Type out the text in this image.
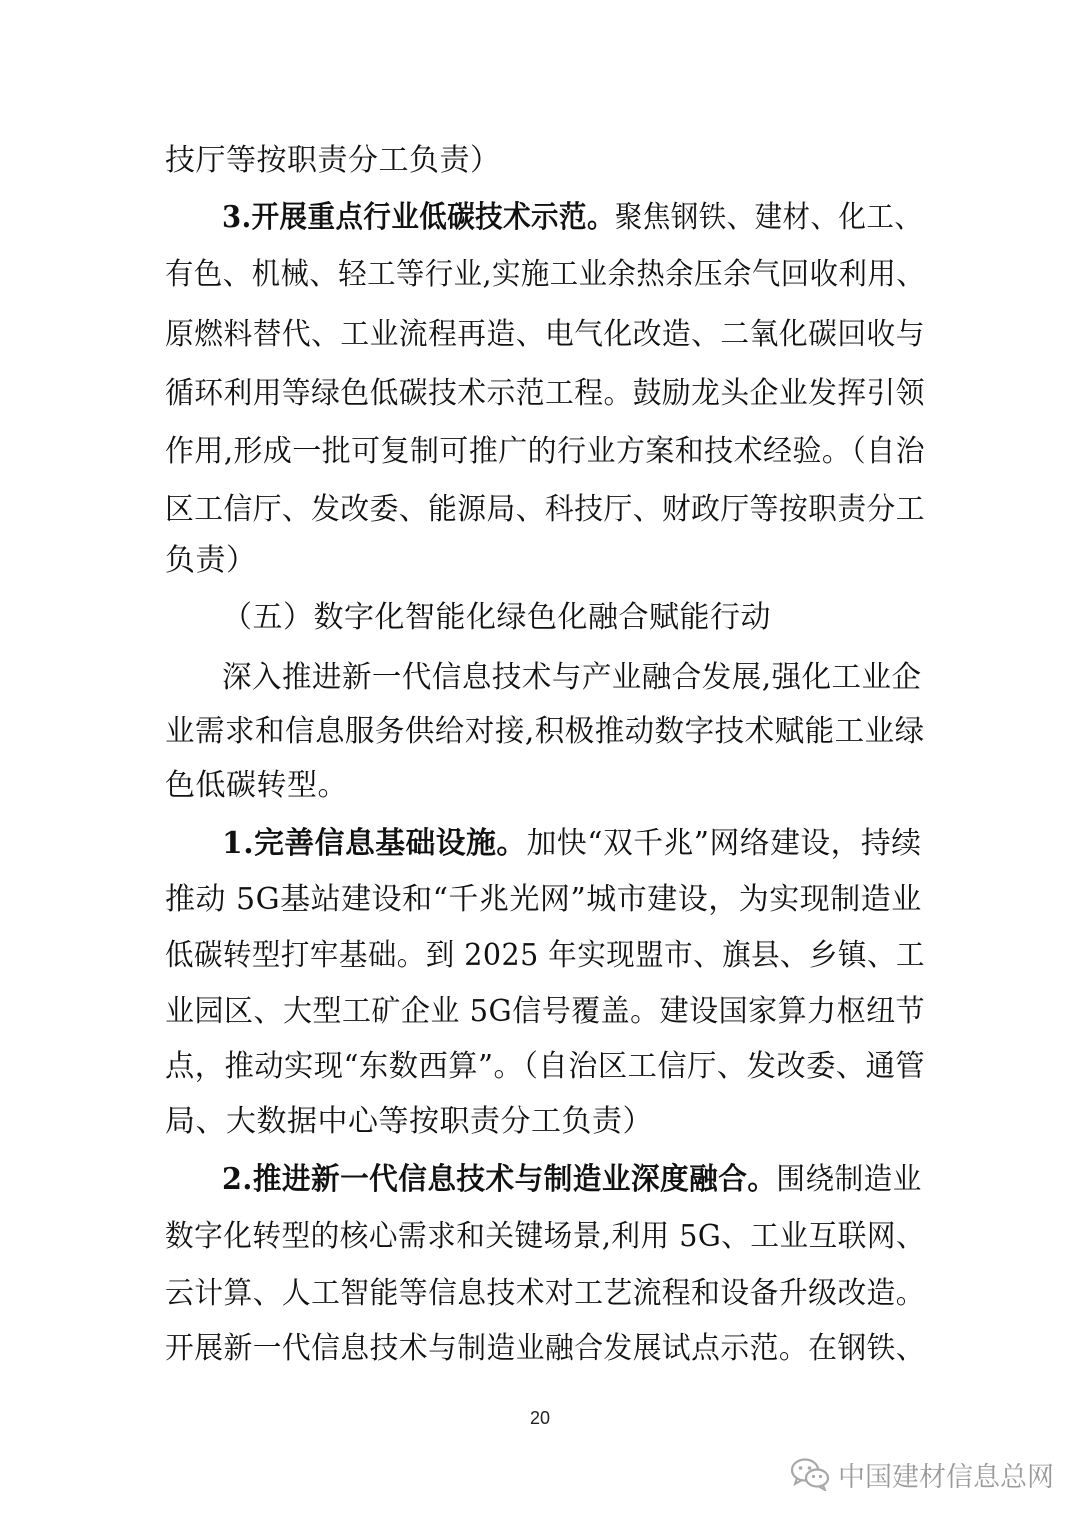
技厅等按职责分工负责）
3.开展重点行业低碳技术示范。聚焦钢铁、建材、化工、
有色、机械、轻工等行业,实施工业余热余压余气回收利用、
原燃料替代、工业流程再造、电气化改造、二氧化碳回收与
循环利用等绿色低碳技术示范工程。鼓励龙头企业发挥引领
作用,形成一批可复制可推广的行业方案和技术经验。（自治
区工信厅、发改委、能源局、科技厅、财政厅等按职责分工
负责）
（五）数字化智能化绿色化融合赋能行动
深入推进新一代信息技术与产业融合发展,强化工业企
业需求和信息服务供给对接,积极推动数字技术赋能工业绿
色低碳转型。
1.完善信息基础设施。加快“双千兆”网络建设，持续
推动 5G基站建设和“千兆光网”城市建设，为实现制造业
低碳转型打牢基础。到 2025 年实现盟市、旗县、乡镇、工
业园区、大型工矿企业 5G信号覆盖。建设国家算力枢纽节
点，推动实现“东数西算”。（自治区工信厅、发改委、通管
局、大数据中心等按职责分工负责）
2.推进新一代信息技术与制造业深度融合。围绕制造业
数字化转型的核心需求和关键场景,利用 5G、工业互联网、
云计算、人工智能等信息技术对工艺流程和设备升级改造。
开展新一代信息技术与制造业融合发展试点示范。在钢铁、
20
中国建材信息总网
